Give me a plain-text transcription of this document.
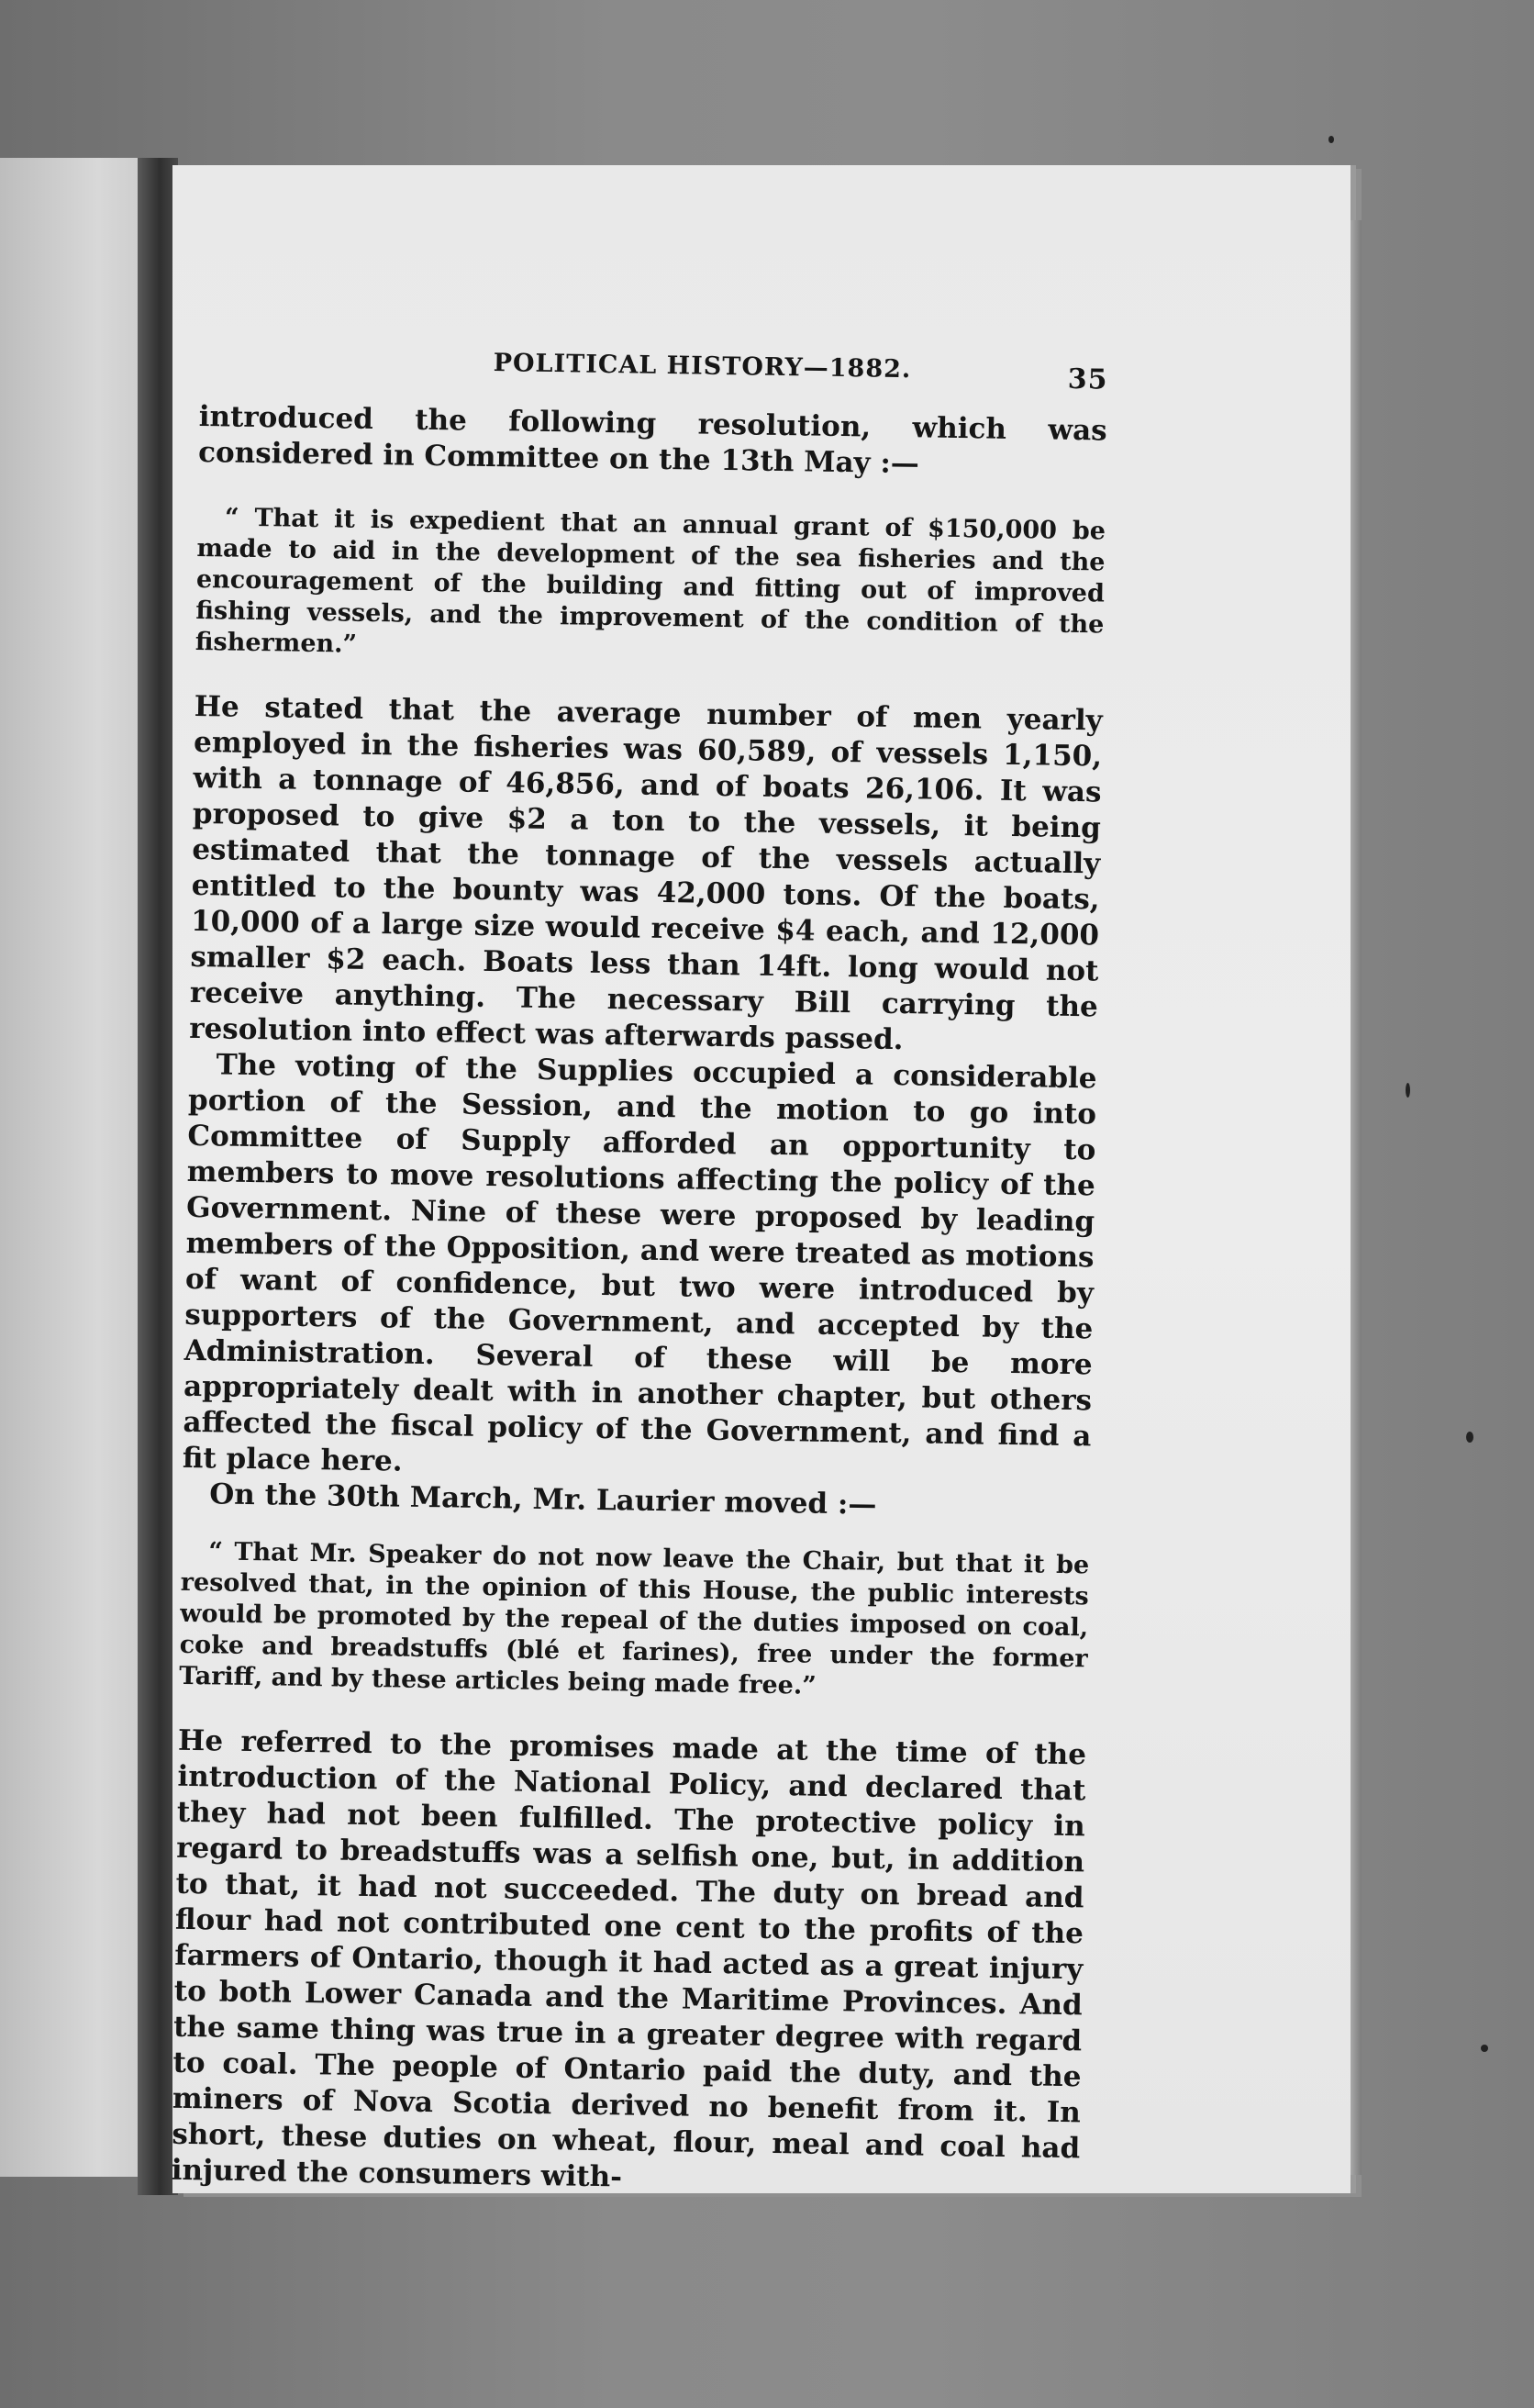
POLITICAL HISTORY—1882.	35

introduced the following resolution, which was considered in Committee on the 13th May :—

“ That it is expedient that an annual grant of $150,000 be made to aid in the development of the sea fisheries and the encouragement of the building and fitting out of improved fishing vessels, and the improvement of the condition of the fishermen.”

He stated that the average number of men yearly employed in the fisheries was 60,589, of vessels 1,150, with a tonnage of 46,856, and of boats 26,106. It was proposed to give $2 a ton to the vessels, it being estimated that the tonnage of the vessels actually entitled to the bounty was 42,000 tons. Of the boats, 10,000 of a large size would receive $4 each, and 12,000 smaller $2 each. Boats less than 14ft. long would not receive anything. The necessary Bill carrying the resolution into effect was afterwards passed.

The voting of the Supplies occupied a considerable portion of the Session, and the motion to go into Committee of Supply afforded an opportunity to members to move resolutions affecting the policy of the Government. Nine of these were proposed by leading members of the Opposition, and were treated as motions of want of confidence, but two were introduced by supporters of the Government, and accepted by the Administration. Several of these will be more appropriately dealt with in another chapter, but others affected the fiscal policy of the Government, and find a fit place here.

On the 30th March, Mr. Laurier moved :—

“ That Mr. Speaker do not now leave the Chair, but that it be resolved that, in the opinion of this House, the public interests would be promoted by the repeal of the duties imposed on coal, coke and breadstuffs (blé et farines), free under the former Tariff, and by these articles being made free.”

He referred to the promises made at the time of the introduction of the National Policy, and declared that they had not been fulfilled. The protective policy in regard to breadstuffs was a selfish one, but, in addition to that, it had not succeeded. The duty on bread and flour had not contributed one cent to the profits of the farmers of Ontario, though it had acted as a great injury to both Lower Canada and the Maritime Provinces. And the same thing was true in a greater degree with regard to coal. The people of Ontario paid the duty, and the miners of Nova Scotia derived no benefit from it. In short, these duties on wheat, flour, meal and coal had injured the consumers with-
